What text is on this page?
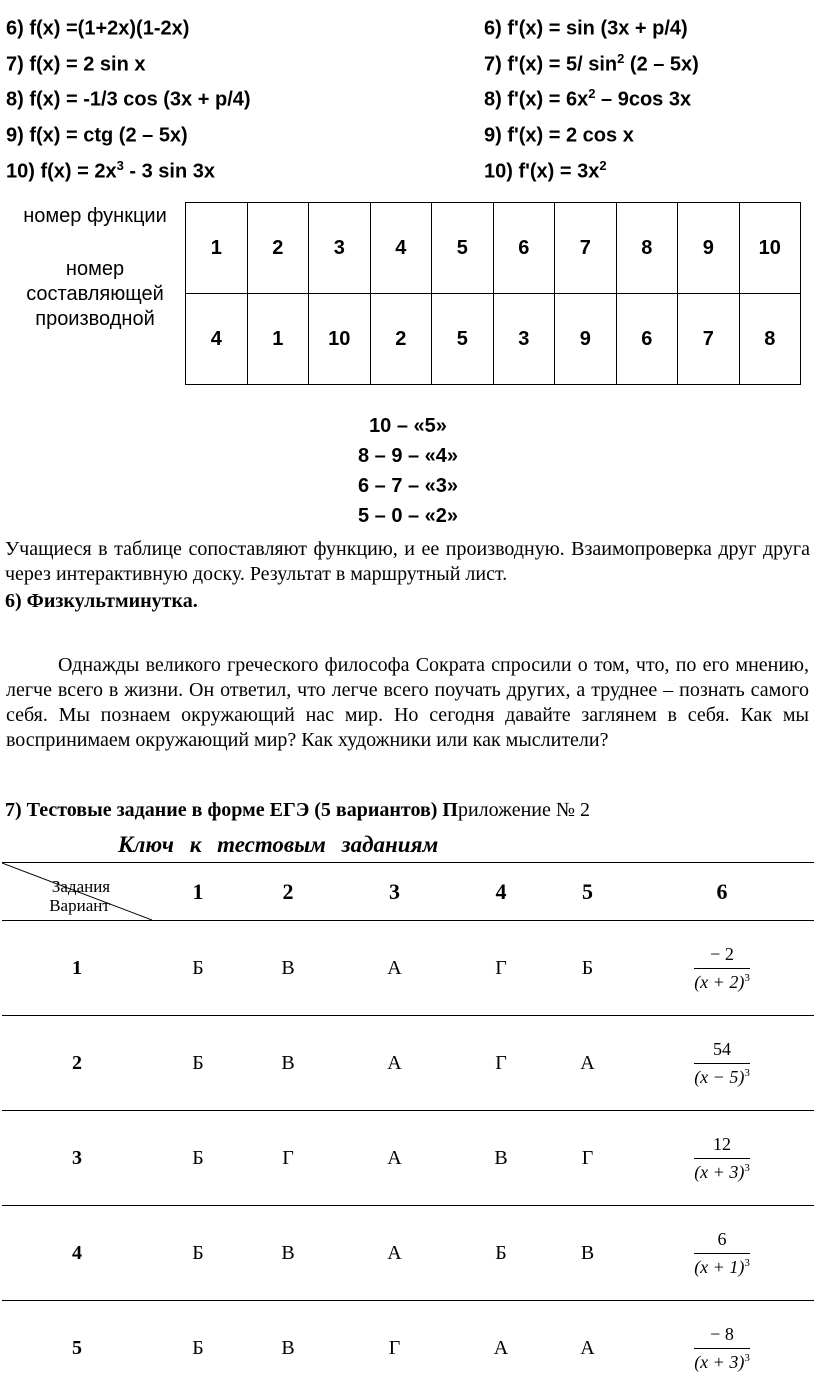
6) f(x) =(1+2x)(1-2x)
7) f(x) = 2 sin x
8) f(x) = -1/3 cos (3x + p/4)
9) f(x) = ctg (2 – 5x)
10) $f(x) = 2x^3 - 3$ sin 3x
6) f'(x) = sin (3x + p/4)
7) f'(x) = 5/ $\sin^2 (2 - 5x)$
8) $f'(x) = 6x^2 - 9\cos$ 3x
9) f'(x) = 2 cos x
10) $f'(x) = 3x^2$
номер функции
номер составляющей производной
1	2	3	4	5	6	7	8	9	10
4	1	10	2	5	3	9	6	7	8
10 – «5»
8 – 9 – «4»
6 – 7 – «3»
5 – 0 – «2»

Учащиеся в таблице сопоставляют функцию, и ее производную. Взаимопроверка друг друга через интерактивную доску. Результат в маршрутный лист.

6) Физкультминутка.

Однажды великого греческого философа Сократа спросили о том, что, по его мнению, легче всего в жизни. Он ответил, что легче всего поучать других, а труднее – познать самого себя. Мы познаем окружающий нас мир. Но сегодня давайте заглянем в себя. Как мы воспринимаем окружающий мир? Как художники или как мыслители?

7) Тестовые задание в форме ЕГЭ (5 вариантов) Приложение № 2

Ключ к тестовым заданиям

Задания
Вариант	1	2	3	4	5	6
1	Б	В	А	Г	Б	$\frac{- 2}{(x + 2)^3}$

2	Б	В	А	Г	А	$\frac{54}{(x - 5)^3}$

3	Б	Г	А	В	Г	$\frac{12}{(x + 3)^3}$

4	Б	В	А	Б	В	$\frac{6}{(x + 1)^3}$

5	Б	В	Г	А	А	$\frac{- 8}{(x + 3)^3}$
